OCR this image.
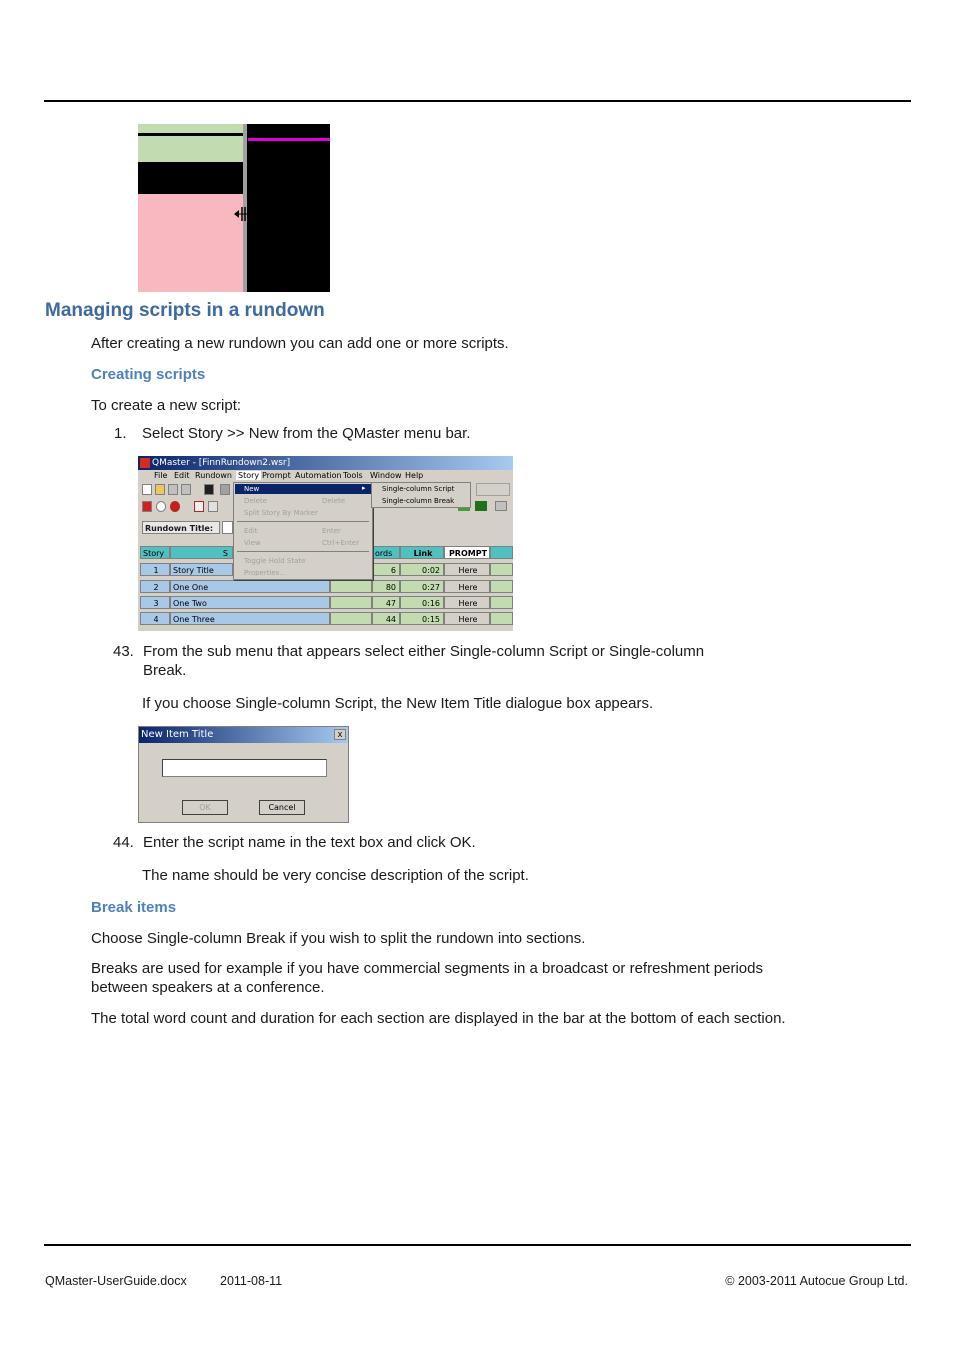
Managing scripts in a rundown
After creating a new rundown you can add one or more scripts.
Creating scripts
To create a new script:
1. Select Story >> New from the QMaster menu bar.
QMaster - [FinnRundown2.wsr]
File Edit Rundown Story Prompt Automation Tools Window Help
Rundown Title:
Story	S	ords	Link	PROMPT
1	Story Title	6	0:02	Here
2	One One	80	0:27	Here
3	One Two	47	0:16	Here
4	One Three	44	0:15	Here
New	▸
Delete	Delete
Split Story By Marker
Edit	Enter
View	Ctrl+Enter
Toggle Hold State
Properties...
Single-column Script
Single-column Break
43. From the sub menu that appears select either Single-column Script or Single-column
Break.
If you choose Single-column Script, the New Item Title dialogue box appears.
New Item Title	x
OK	Cancel
44. Enter the script name in the text box and click OK.
The name should be very concise description of the script.
Break items
Choose Single-column Break if you wish to split the rundown into sections.
Breaks are used for example if you have commercial segments in a broadcast or refreshment periods
between speakers at a conference.
The total word count and duration for each section are displayed in the bar at the bottom of each section.
QMaster-UserGuide.docx	2011-08-11	© 2003-2011 Autocue Group Ltd.
